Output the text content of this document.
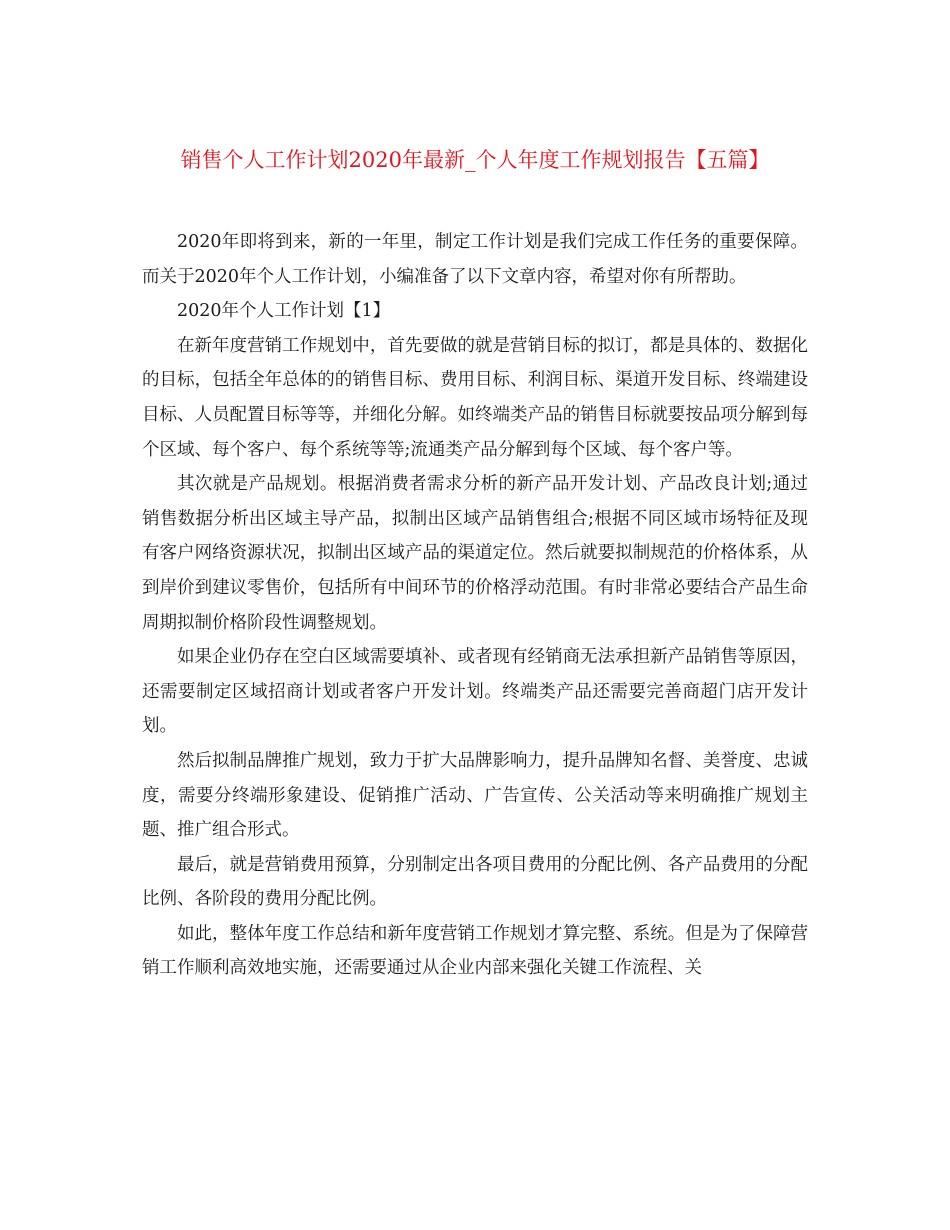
销售个人工作计划2020年最新_个人年度工作规划报告【五篇】

2020年即将到来，新的一年里，制定工作计划是我们完成工作任务的重要保障。而关于2020年个人工作计划，小编准备了以下文章内容，希望对你有所帮助。

2020年个人工作计划【1】

在新年度营销工作规划中，首先要做的就是营销目标的拟订，都是具体的、数据化的目标，包括全年总体的的销售目标、费用目标、利润目标、渠道开发目标、终端建设目标、人员配置目标等等，并细化分解。如终端类产品的销售目标就要按品项分解到每个区域、每个客户、每个系统等等;流通类产品分解到每个区域、每个客户等。

其次就是产品规划。根据消费者需求分析的新产品开发计划、产品改良计划;通过销售数据分析出区域主导产品，拟制出区域产品销售组合;根据不同区域市场特征及现有客户网络资源状况，拟制出区域产品的渠道定位。然后就要拟制规范的价格体系，从到岸价到建议零售价，包括所有中间环节的价格浮动范围。有时非常必要结合产品生命周期拟制价格阶段性调整规划。

如果企业仍存在空白区域需要填补、或者现有经销商无法承担新产品销售等原因，还需要制定区域招商计划或者客户开发计划。终端类产品还需要完善商超门店开发计划。

然后拟制品牌推广规划，致力于扩大品牌影响力，提升品牌知名督、美誉度、忠诚度，需要分终端形象建设、促销推广活动、广告宣传、公关活动等来明确推广规划主题、推广组合形式。

最后，就是营销费用预算，分别制定出各项目费用的分配比例、各产品费用的分配比例、各阶段的费用分配比例。

如此，整体年度工作总结和新年度营销工作规划才算完整、系统。但是为了保障营销工作顺利高效地实施，还需要通过从企业内部来强化关键工作流程、关
